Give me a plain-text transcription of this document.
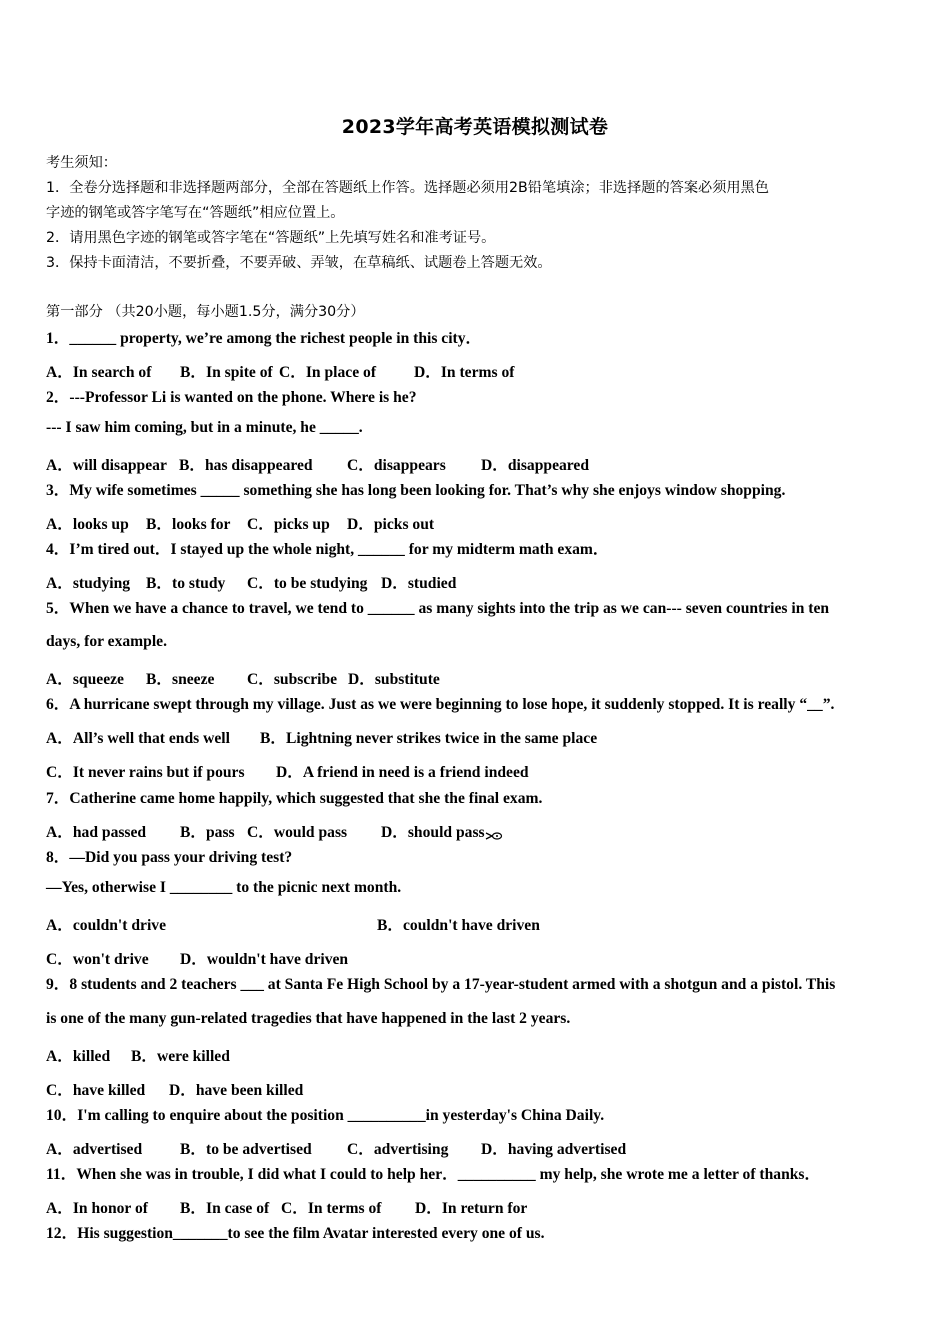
2023学年高考英语模拟测试卷
考生须知：
1．全卷分选择题和非选择题两部分，全部在答题纸上作答。选择题必须用2B铅笔填涂；非选择题的答案必须用黑色
字迹的钢笔或答字笔写在“答题纸”相应位置上。
2．请用黑色字迹的钢笔或答字笔在“答题纸”上先填写姓名和准考证号。
3．保持卡面清洁，不要折叠，不要弄破、弄皱，在草稿纸、试题卷上答题无效。
第一部分 （共20小题，每小题1.5分，满分30分）
1．______ property, we’re among the richest people in this city．
A．In search of B．In spite of C．In place of D．In terms of
2．---Professor Li is wanted on the phone. Where is he?
--- I saw him coming, but in a minute, he _____.
A．will disappear B．has disappeared C．disappears D．disappeared
3．My wife sometimes _____ something she has long been looking for. That’s why she enjoys window shopping.
A．looks up B．looks for C．picks up D．picks out
4．I’m tired out．I stayed up the whole night, ______ for my midterm math exam．
A．studying B．to study C．to be studying D．studied
5．When we have a chance to travel, we tend to ______ as many sights into the trip as we can--- seven countries in ten
days, for example.
A．squeeze B．sneeze C．subscribe D．substitute
6．A hurricane swept through my village. Just as we were beginning to lose hope, it suddenly stopped. It is really “__”.
A．All’s well that ends well B．Lightning never strikes twice in the same place
C．It never rains but if pours D．A friend in need is a friend indeed
7．Catherine came home happily, which suggested that she the final exam.
A．had passed B．pass C．would pass D．should pass
8．—Did you pass your driving test?
—Yes, otherwise I ________ to the picnic next month.
A．couldn't drive	B．couldn't have driven
C．won't drive D．wouldn't have driven
9．8 students and 2 teachers ___ at Santa Fe High School by a 17-year-student armed with a shotgun and a pistol. This
is one of the many gun-related tragedies that have happened in the last 2 years.
A．killed B．were killed
C．have killed D．have been killed
10．I'm calling to enquire about the position __________in yesterday's China Daily.
A．advertised B．to be advertised C．advertising D．having advertised
11．When she was in trouble, I did what I could to help her．__________ my help, she wrote me a letter of thanks．
A．In honor of B．In case of C．In terms of D．In return for
12．His suggestion_______to see the film Avatar interested every one of us.
